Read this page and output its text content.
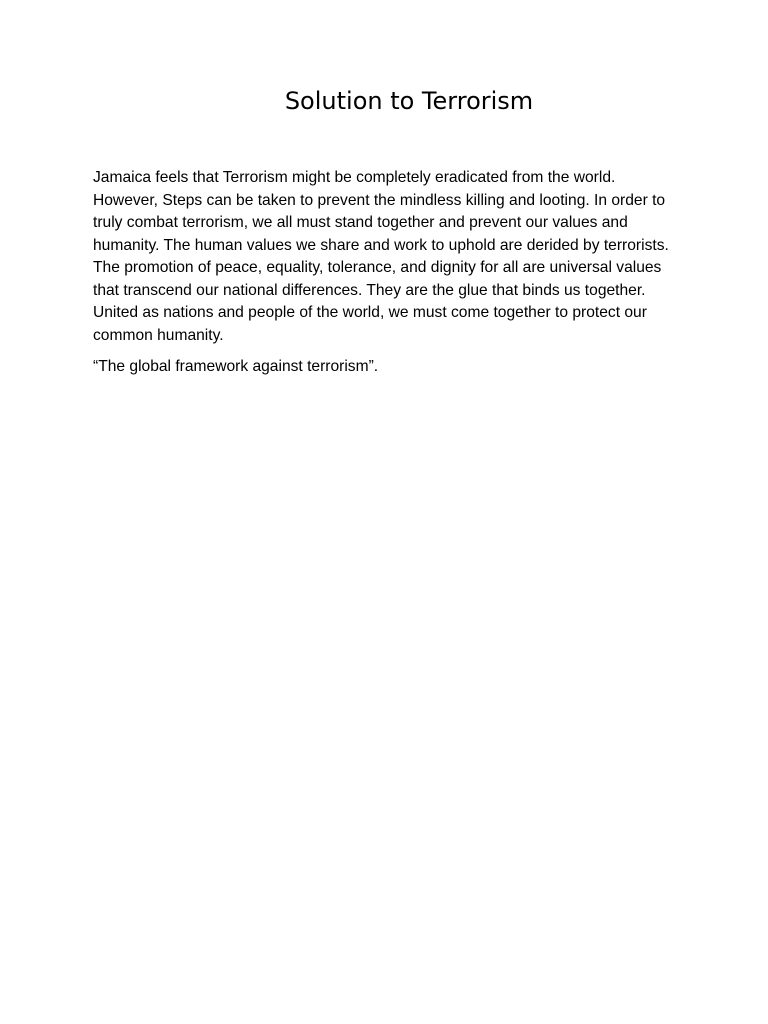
Solution to Terrorism

Jamaica feels that Terrorism might be completely eradicated from the world. However, Steps can be taken to prevent the mindless killing and looting. In order to truly combat terrorism, we all must stand together and prevent our values and humanity. The human values we share and work to uphold are derided by terrorists. The promotion of peace, equality, tolerance, and dignity for all are universal values that transcend our national differences. They are the glue that binds us together. United as nations and people of the world, we must come together to protect our common humanity.

“The global framework against terrorism”.
